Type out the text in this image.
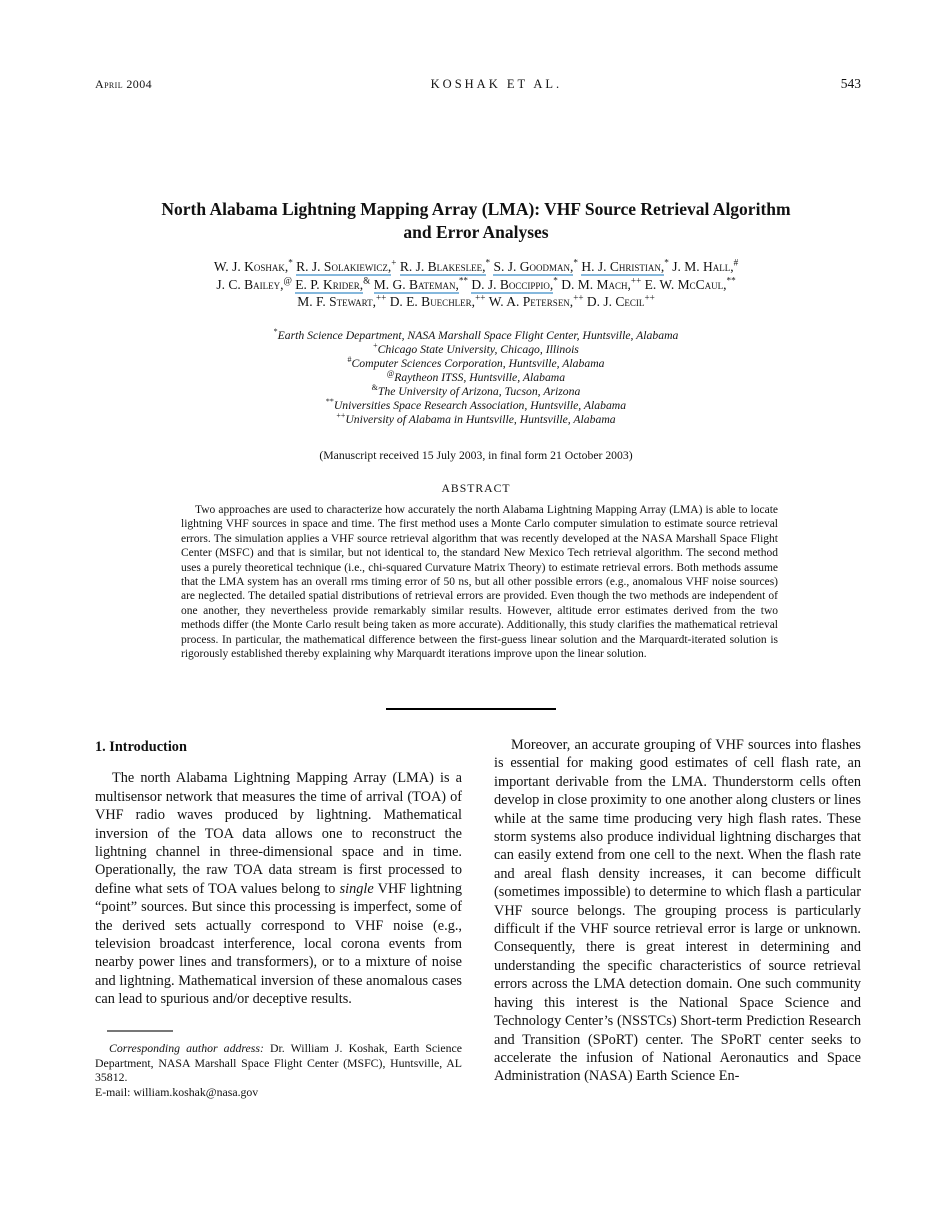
April 2004	KOSHAK ET AL.	543
North Alabama Lightning Mapping Array (LMA): VHF Source Retrieval Algorithm
and Error Analyses
W. J. Koshak,* R. J. Solakiewicz,+ R. J. Blakeslee,* S. J. Goodman,* H. J. Christian,* J. M. Hall,#
J. C. Bailey,@ E. P. Krider,& M. G. Bateman,** D. J. Boccippio,* D. M. Mach,++ E. W. McCaul,**
M. F. Stewart,++ D. E. Buechler,++ W. A. Petersen,++ D. J. Cecil++
*Earth Science Department, NASA Marshall Space Flight Center, Huntsville, Alabama
+Chicago State University, Chicago, Illinois
#Computer Sciences Corporation, Huntsville, Alabama
@Raytheon ITSS, Huntsville, Alabama
&The University of Arizona, Tucson, Arizona
**Universities Space Research Association, Huntsville, Alabama
++University of Alabama in Huntsville, Huntsville, Alabama
(Manuscript received 15 July 2003, in final form 21 October 2003)
ABSTRACT
Two approaches are used to characterize how accurately the north Alabama Lightning Mapping Array (LMA) is able to locate lightning VHF sources in space and time. The first method uses a Monte Carlo computer simulation to estimate source retrieval errors. The simulation applies a VHF source retrieval algorithm that was recently developed at the NASA Marshall Space Flight Center (MSFC) and that is similar, but not identical to, the standard New Mexico Tech retrieval algorithm. The second method uses a purely theoretical technique (i.e., chi-squared Curvature Matrix Theory) to estimate retrieval errors. Both methods assume that the LMA system has an overall rms timing error of 50 ns, but all other possible errors (e.g., anomalous VHF noise sources) are neglected. The detailed spatial distributions of retrieval errors are provided. Even though the two methods are independent of one another, they nevertheless provide remarkably similar results. However, altitude error estimates derived from the two methods differ (the Monte Carlo result being taken as more accurate). Additionally, this study clarifies the mathematical retrieval process. In particular, the mathematical difference between the first-guess linear solution and the Marquardt-iterated solution is rigorously established thereby explaining why Marquardt iterations improve upon the linear solution.
1. Introduction

The north Alabama Lightning Mapping Array (LMA) is a multisensor network that measures the time of arrival (TOA) of VHF radio waves produced by lightning. Mathematical inversion of the TOA data allows one to reconstruct the lightning channel in three-dimensional space and in time. Operationally, the raw TOA data stream is first processed to define what sets of TOA values belong to single VHF lightning “point” sources. But since this processing is imperfect, some of the derived sets actually correspond to VHF noise (e.g., television broadcast interference, local corona events from nearby power lines and transformers), or to a mixture of noise and lightning. Mathematical inversion of these anomalous cases can lead to spurious and/or deceptive results.

Moreover, an accurate grouping of VHF sources into flashes is essential for making good estimates of cell flash rate, an important derivable from the LMA. Thunderstorm cells often develop in close proximity to one another along clusters or lines while at the same time producing very high flash rates. These storm systems also produce individual lightning discharges that can easily extend from one cell to the next. When the flash rate and areal flash density increases, it can become difficult (sometimes impossible) to determine to which flash a particular VHF source belongs. The grouping process is particularly difficult if the VHF source retrieval error is large or unknown. Consequently, there is great interest in determining and understanding the specific characteristics of source retrieval errors across the LMA detection domain. One such community having this interest is the National Space Science and Technology Center’s (NSSTCs) Short-term Prediction Research and Transition (SPoRT) center. The SPoRT center seeks to accelerate the infusion of National Aeronautics and Space Administration (NASA) Earth Science En-

Corresponding author address: Dr. William J. Koshak, Earth Science Department, NASA Marshall Space Flight Center (MSFC), Huntsville, AL 35812.

E-mail: william.koshak@nasa.gov
